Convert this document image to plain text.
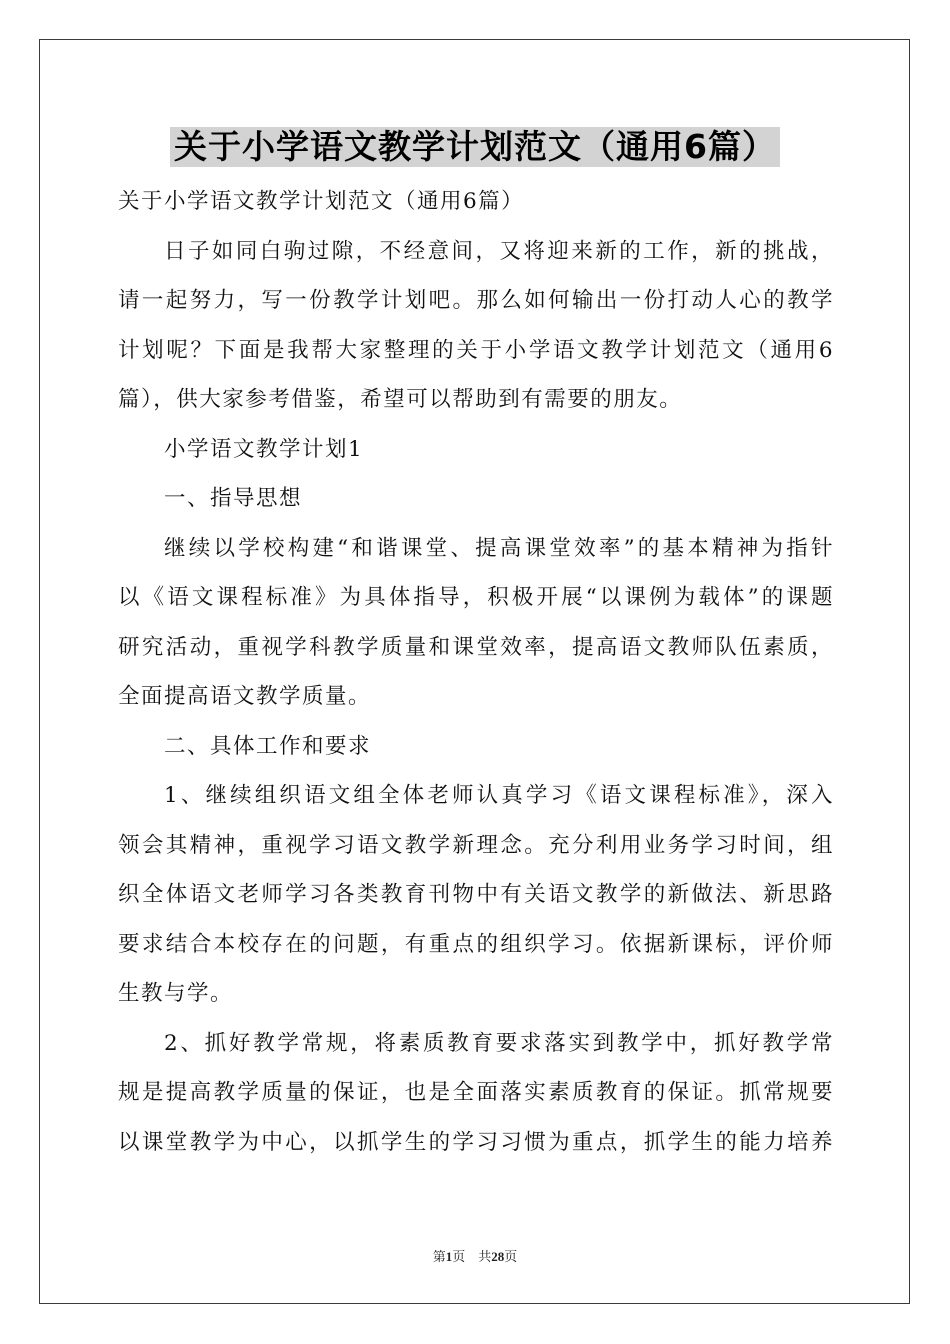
关于小学语文教学计划范文（通用6篇）
关于小学语文教学计划范文（通用6篇）
日子如同白驹过隙，不经意间，又将迎来新的工作，新的挑战，
请一起努力，写一份教学计划吧。那么如何输出一份打动人心的教学
计划呢？下面是我帮大家整理的关于小学语文教学计划范文（通用6
篇），供大家参考借鉴，希望可以帮助到有需要的朋友。
小学语文教学计划1
一、指导思想
继续以学校构建“和谐课堂、提高课堂效率”的基本精神为指针
以《语文课程标准》为具体指导，积极开展“以课例为载体”的课题
研究活动，重视学科教学质量和课堂效率，提高语文教师队伍素质，
全面提高语文教学质量。
二、具体工作和要求
1、继续组织语文组全体老师认真学习《语文课程标准》，深入
领会其精神，重视学习语文教学新理念。充分利用业务学习时间，组
织全体语文老师学习各类教育刊物中有关语文教学的新做法、新思路
要求结合本校存在的问题，有重点的组织学习。依据新课标，评价师
生教与学。
2、抓好教学常规，将素质教育要求落实到教学中，抓好教学常
规是提高教学质量的保证，也是全面落实素质教育的保证。抓常规要
以课堂教学为中心，以抓学生的学习习惯为重点，抓学生的能力培养
第1页　共28页
